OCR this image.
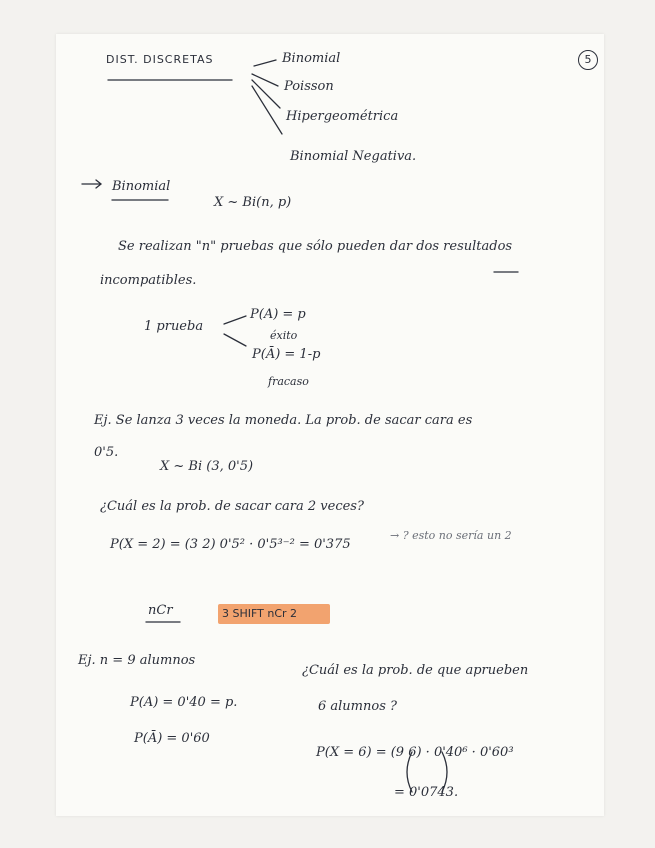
5
DIST. DISCRETAS	Binomial
Poisson
Hipergeométrica
Binomial Negativa.
Binomial
X ~ Bi(n, p)
Se realizan "n" pruebas que sólo pueden dar dos resultados
incompatibles.
1 prueba
P(A) = p
éxito
P(Ā) = 1-p
fracaso
Ej. Se lanza 3 veces la moneda. La prob. de sacar cara es
0'5.
X ~ Bi (3, 0'5)
¿Cuál es la prob. de sacar cara 2 veces?
P(X = 2) = (3 2) 0'5² · 0'5³⁻² = 0'375
→ ? esto no sería un 2
nCr	3 SHIFT nCr 2
Ej. n = 9 alumnos
¿Cuál es la prob. de que aprueben
6 alumnos ?
P(A) = 0'40 = p.
P(Ā) = 0'60
P(X = 6) = (9 6) · 0'40⁶ · 0'60³
= 0'0743.
